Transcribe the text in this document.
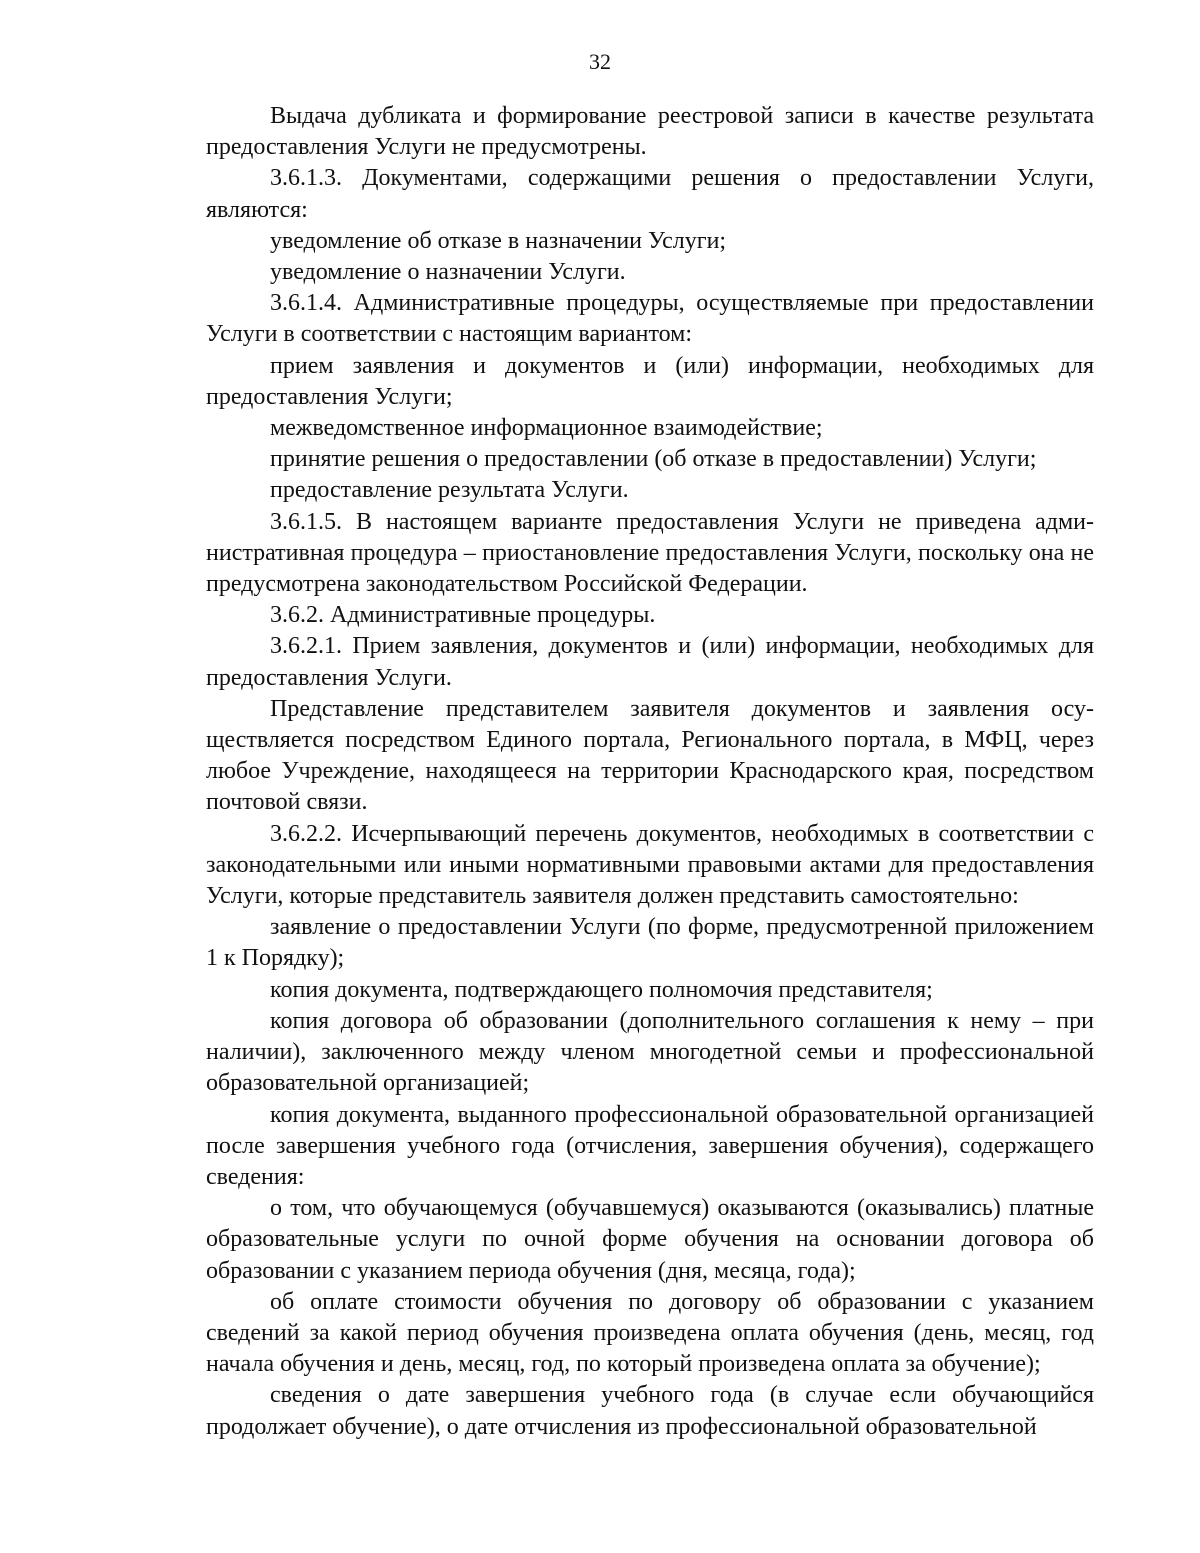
32

Выдача дубликата и формирование реестровой записи в качестве результата предоставления Услуги не предусмотрены.

3.6.1.3. Документами, содержащими решения о предоставлении Услуги, являются:

уведомление об отказе в назначении Услуги;

уведомление о назначении Услуги.

3.6.1.4. Административные процедуры, осуществляемые при предоставлении Услуги в соответствии с настоящим вариантом:

прием заявления и документов и (или) информации, необходимых для предоставления Услуги;

межведомственное информационное взаимодействие;

принятие решения о предоставлении (об отказе в предоставлении) Услуги;

предоставление результата Услуги.

3.6.1.5. В настоящем варианте предоставления Услуги не приведена административная процедура – приостановление предоставления Услуги, поскольку она не предусмотрена законодательством Российской Федерации.

3.6.2. Административные процедуры.

3.6.2.1. Прием заявления, документов и (или) информации, необходимых для предоставления Услуги.

Представление представителем заявителя документов и заявления осуществляется посредством Единого портала, Регионального портала, в МФЦ, через любое Учреждение, находящееся на территории Краснодарского края, посредством почтовой связи.

3.6.2.2. Исчерпывающий перечень документов, необходимых в соответствии с законодательными или иными нормативными правовыми актами для предоставления Услуги, которые представитель заявителя должен представить самостоятельно:

заявление о предоставлении Услуги (по форме, предусмотренной приложением 1 к Порядку);

копия документа, подтверждающего полномочия представителя;

копия договора об образовании (дополнительного соглашения к нему – при наличии), заключенного между членом многодетной семьи и профессиональной образовательной организацией;

копия документа, выданного профессиональной образовательной организацией после завершения учебного года (отчисления, завершения обучения), содержащего сведения:

о том, что обучающемуся (обучавшемуся) оказываются (оказывались) платные образовательные услуги по очной форме обучения на основании договора об образовании с указанием периода обучения (дня, месяца, года);

об оплате стоимости обучения по договору об образовании с указанием сведений за какой период обучения произведена оплата обучения (день, месяц, год начала обучения и день, месяц, год, по который произведена оплата за обучение);

сведения о дате завершения учебного года (в случае если обучающийся продолжает обучение), о дате отчисления из профессиональной образовательной
